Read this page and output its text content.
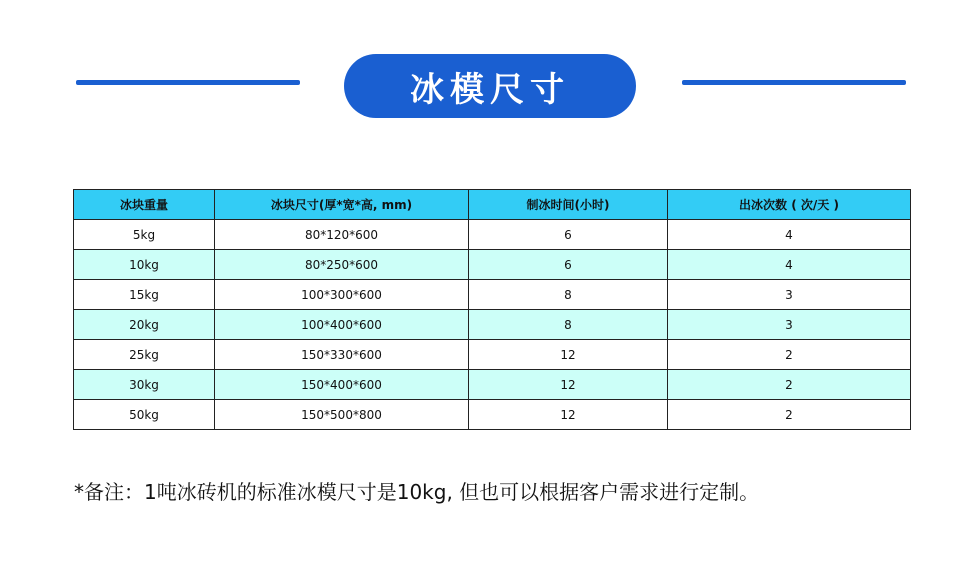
冰模尺寸
冰块重量	冰块尺寸(厚*宽*高, mm)	制冰时间(小时)	出冰次数 ( 次/天 )
5kg	80*120*600	6	4
10kg	80*250*600	6	4
15kg	100*300*600	8	3
20kg	100*400*600	8	3
25kg	150*330*600	12	2
30kg	150*400*600	12	2
50kg	150*500*800	12	2
*备注：1吨冰砖机的标准冰模尺寸是10kg, 但也可以根据客户需求进行定制。
